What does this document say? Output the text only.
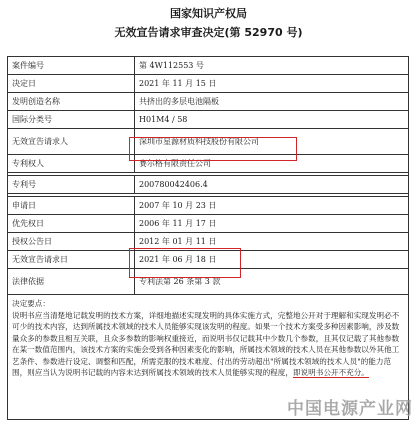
国家知识产权局
无效宣告请求审查决定(第 52970 号)
案件编号	第 4W112553 号
决定日	2021 年 11 月 15 日
发明创造名称	共挤出的多层电池隔板
国际分类号	H01M4 / 58
无效宣告请求人	深圳市星源材质科技股份有限公司
专利权人	赛尔格有限责任公司

专利号	200780042406.4

申请日	2007 年 10 月 23 日
优先权日	2006 年 11 月 17 日
授权公告日	2012 年 01 月 11 日
无效宣告请求日	2021 年 06 月 18 日
法律依据	专利法第 26 条第 3 款
决定要点：
说明书应当清楚地记载发明的技术方案，详细地描述实现发明的具体实施方式，完整地公开对于理解和实现发明必不可少的技术内容，达到所属技术领域的技术人员能够实现该发明的程度。如果一个技术方案受多种因素影响，涉及数量众多的参数且相互关联，且众多参数的影响权重接近，而说明书仅记载其中少数几个参数，且其仅记载了其他参数在某一数值范围内，该技术方案的实施会受到各种因素变化的影响，所属技术领域的技术人员在其他参数以外其他工艺条件、参数进行设定、调整和匹配，所需克服的技术难度、付出的劳动超出"所属技术领域的技术人员"的能力范围，则应当认为说明书记载的内容未达到所属技术领域的技术人员能够实现的程度，即说明书公开不充分。	
中国电源产业网
